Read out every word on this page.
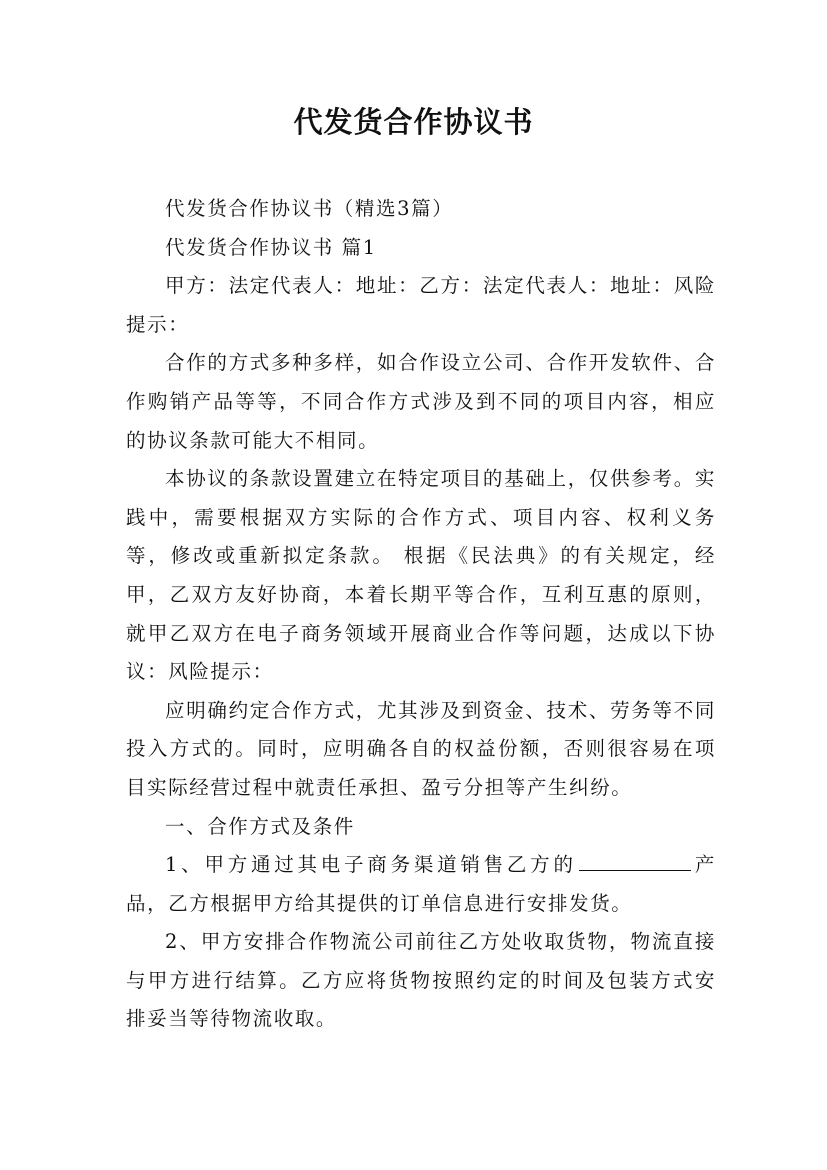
代发货合作协议书

代发货合作协议书（精选3篇）

代发货合作协议书 篇1

甲方：法定代表人：地址：乙方：法定代表人：地址：风险提示：

合作的方式多种多样，如合作设立公司、合作开发软件、合作购销产品等等，不同合作方式涉及到不同的项目内容，相应的协议条款可能大不相同。

本协议的条款设置建立在特定项目的基础上，仅供参考。实践中，需要根据双方实际的合作方式、项目内容、权利义务等，修改或重新拟定条款。 根据《民法典》的有关规定，经甲，乙双方友好协商，本着长期平等合作，互利互惠的原则，就甲乙双方在电子商务领域开展商业合作等问题，达成以下协议：风险提示：

应明确约定合作方式，尤其涉及到资金、技术、劳务等不同投入方式的。同时，应明确各自的权益份额，否则很容易在项目实际经营过程中就责任承担、盈亏分担等产生纠纷。

一、合作方式及条件

1、甲方通过其电子商务渠道销售乙方的	产品，乙方根据甲方给其提供的订单信息进行安排发货。

2、甲方安排合作物流公司前往乙方处收取货物，物流直接与甲方进行结算。乙方应将货物按照约定的时间及包装方式安排妥当等待物流收取。
